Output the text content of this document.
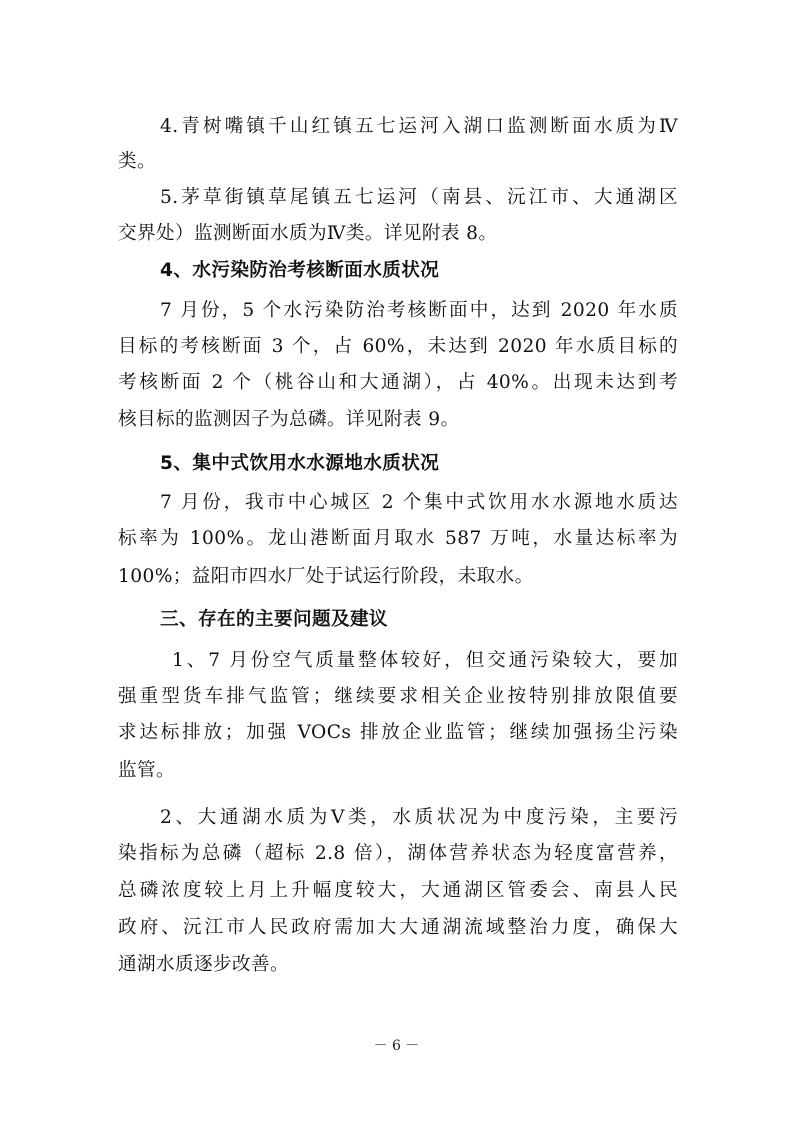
4.青树嘴镇千山红镇五七运河入湖口监测断面水质为Ⅳ
类。
5.茅草街镇草尾镇五七运河（南县、沅江市、大通湖区
交界处）监测断面水质为Ⅳ类。详见附表 8。
4、水污染防治考核断面水质状况
7 月份，5 个水污染防治考核断面中，达到 2020 年水质
目标的考核断面 3 个，占 60%，未达到 2020 年水质目标的
考核断面 2 个（桃谷山和大通湖），占 40%。出现未达到考
核目标的监测因子为总磷。详见附表 9。
5、集中式饮用水水源地水质状况
7 月份，我市中心城区 2 个集中式饮用水水源地水质达
标率为 100%。龙山港断面月取水 587 万吨，水量达标率为
100%；益阳市四水厂处于试运行阶段，未取水。
三、存在的主要问题及建议
1、7 月份空气质量整体较好，但交通污染较大，要加
强重型货车排气监管；继续要求相关企业按特别排放限值要
求达标排放；加强 VOCs 排放企业监管；继续加强扬尘污染
监管。
2、大通湖水质为Ⅴ类，水质状况为中度污染，主要污
染指标为总磷（超标 2.8 倍），湖体营养状态为轻度富营养，
总磷浓度较上月上升幅度较大，大通湖区管委会、南县人民
政府、沅江市人民政府需加大大通湖流域整治力度，确保大
通湖水质逐步改善。
－ 6 －
